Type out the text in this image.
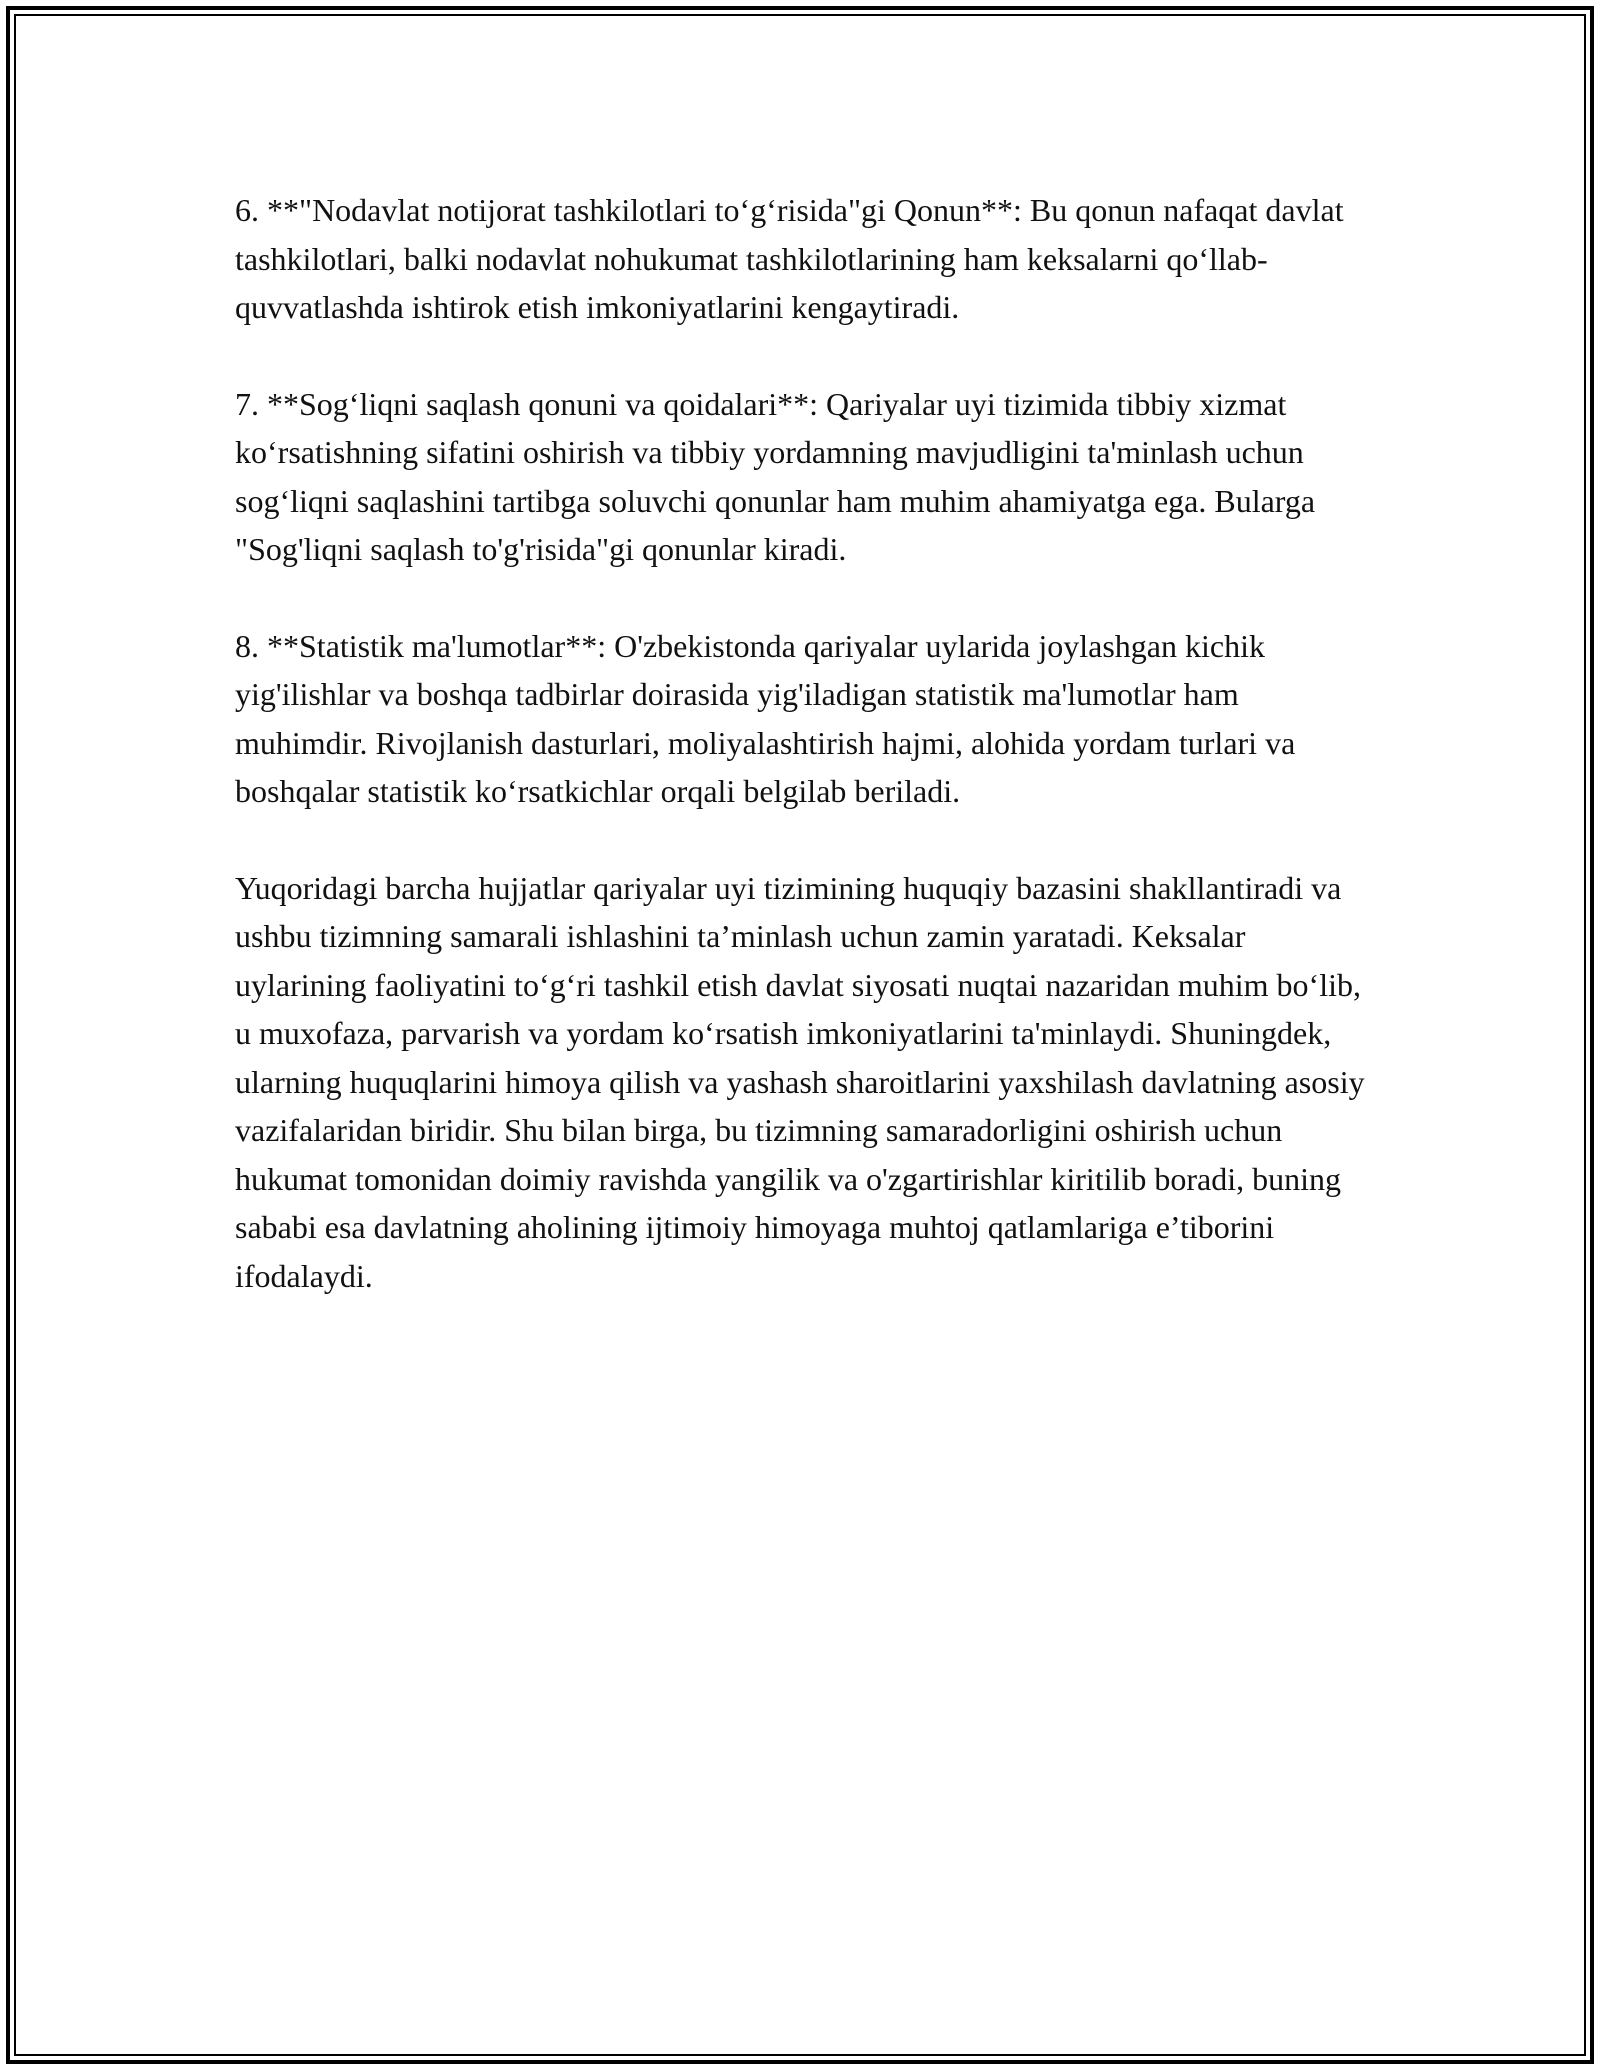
6. **"Nodavlat notijorat tashkilotlari to‘g‘risida"gi Qonun**: Bu qonun nafaqat davlat tashkilotlari, balki nodavlat nohukumat tashkilotlarining ham keksalarni qo‘llab-quvvatlashda ishtirok etish imkoniyatlarini kengaytiradi.

7. **Sog‘liqni saqlash qonuni va qoidalari**: Qariyalar uyi tizimida tibbiy xizmat ko‘rsatishning sifatini oshirish va tibbiy yordamning mavjudligini ta'minlash uchun sog‘liqni saqlashini tartibga soluvchi qonunlar ham muhim ahamiyatga ega. Bularga "Sog'liqni saqlash to'g'risida"gi qonunlar kiradi.

8. **Statistik ma'lumotlar**: O'zbekistonda qariyalar uylarida joylashgan kichik yig'ilishlar va boshqa tadbirlar doirasida yig'iladigan statistik ma'lumotlar ham muhimdir. Rivojlanish dasturlari, moliyalashtirish hajmi, alohida yordam turlari va boshqalar statistik ko‘rsatkichlar orqali belgilab beriladi.

Yuqoridagi barcha hujjatlar qariyalar uyi tizimining huquqiy bazasini shakllantiradi va ushbu tizimning samarali ishlashini ta’minlash uchun zamin yaratadi. Keksalar uylarining faoliyatini to‘g‘ri tashkil etish davlat siyosati nuqtai nazaridan muhim bo‘lib, u muxofaza, parvarish va yordam ko‘rsatish imkoniyatlarini ta'minlaydi. Shuningdek, ularning huquqlarini himoya qilish va yashash sharoitlarini yaxshilash davlatning asosiy vazifalaridan biridir. Shu bilan birga, bu tizimning samaradorligini oshirish uchun hukumat tomonidan doimiy ravishda yangilik va o'zgartirishlar kiritilib boradi, buning sababi esa davlatning aholining ijtimoiy himoyaga muhtoj qatlamlariga e’tiborini ifodalaydi.
